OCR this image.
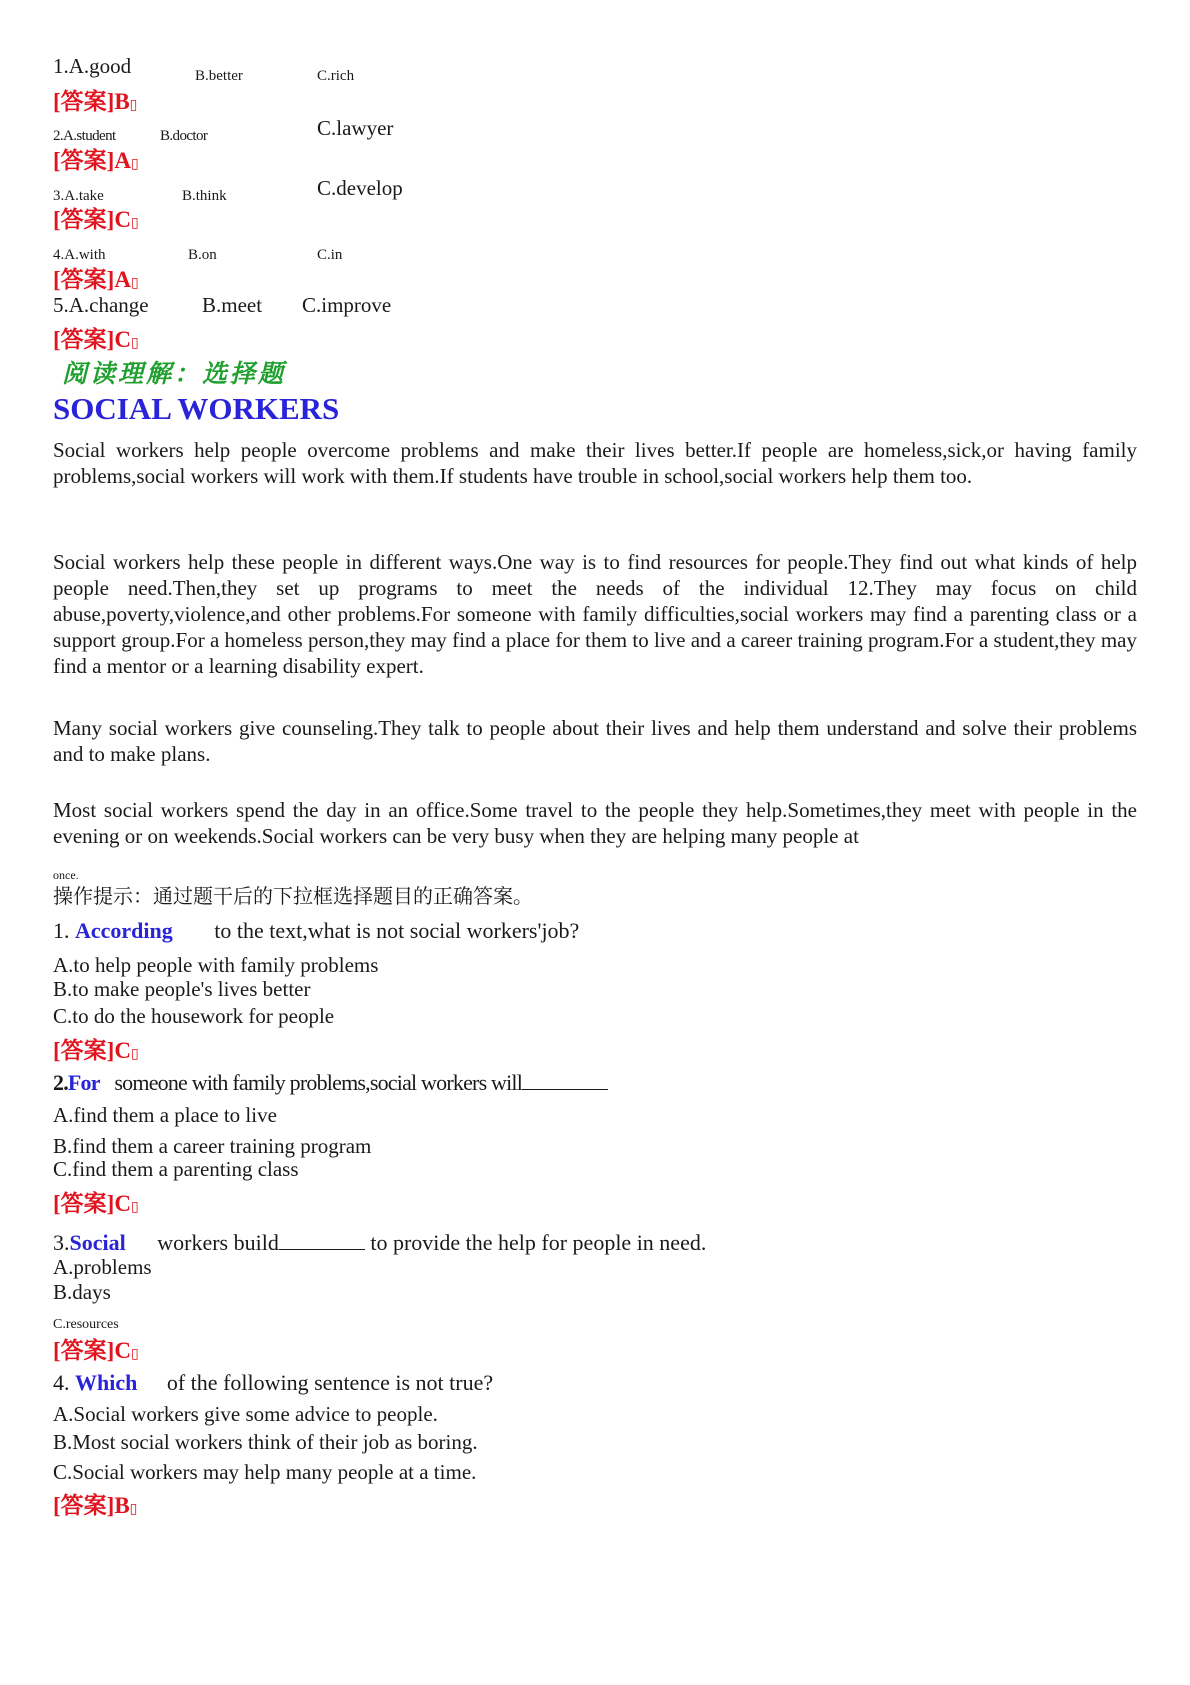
1.A.good	B.better	C.rich
[答案]B▯
2.A.student	B.doctor	C.lawyer
[答案]A▯
3.A.take	B.think	C.develop
[答案]C▯
4.A.with	B.on	C.in
[答案]A▯
5.A.change	B.meet C.improve
[答案]C▯
阅读理解：选择题
SOCIAL WORKERS
Social workers help people overcome problems and make their lives better.If people are homeless,sick,or having family problems,social workers will work with them.If students have trouble in school,social workers help them too.
Social workers help these people in different ways.One way is to find resources for people.They find out what kinds of help people need.Then,they set up programs to meet the needs of the individual 12.They may focus on child abuse,poverty,violence,and other problems.For someone with family difficulties,social workers may find a parenting class or a support group.For a homeless person,they may find a place for them to live and a career training program.For a student,they may find a mentor or a learning disability expert.
Many social workers give counseling.They talk to people about their lives and help them understand and solve their problems and to make plans.
Most social workers spend the day in an office.Some travel to the people they help.Sometimes,they meet with people in the evening or on weekends.Social workers can be very busy when they are helping many people at
once.
操作提示：通过题干后的下拉框选择题目的正确答案。
1. According to the text,what is not social workers'job?
A.to help people with family problems
B.to make people's lives better
C.to do the housework for people
[答案]C▯
2.For someone with family problems,social workers will
A.find them a place to live
B.find them a career training program
C.find them a parenting class
[答案]C▯
3.Social workers build	to provide the help for people in need.
A.problems
B.days
C.resources
[答案]C▯
4. Which of the following sentence is not true?
A.Social workers give some advice to people.
B.Most social workers think of their job as boring.
C.Social workers may help many people at a time.
[答案]B▯
